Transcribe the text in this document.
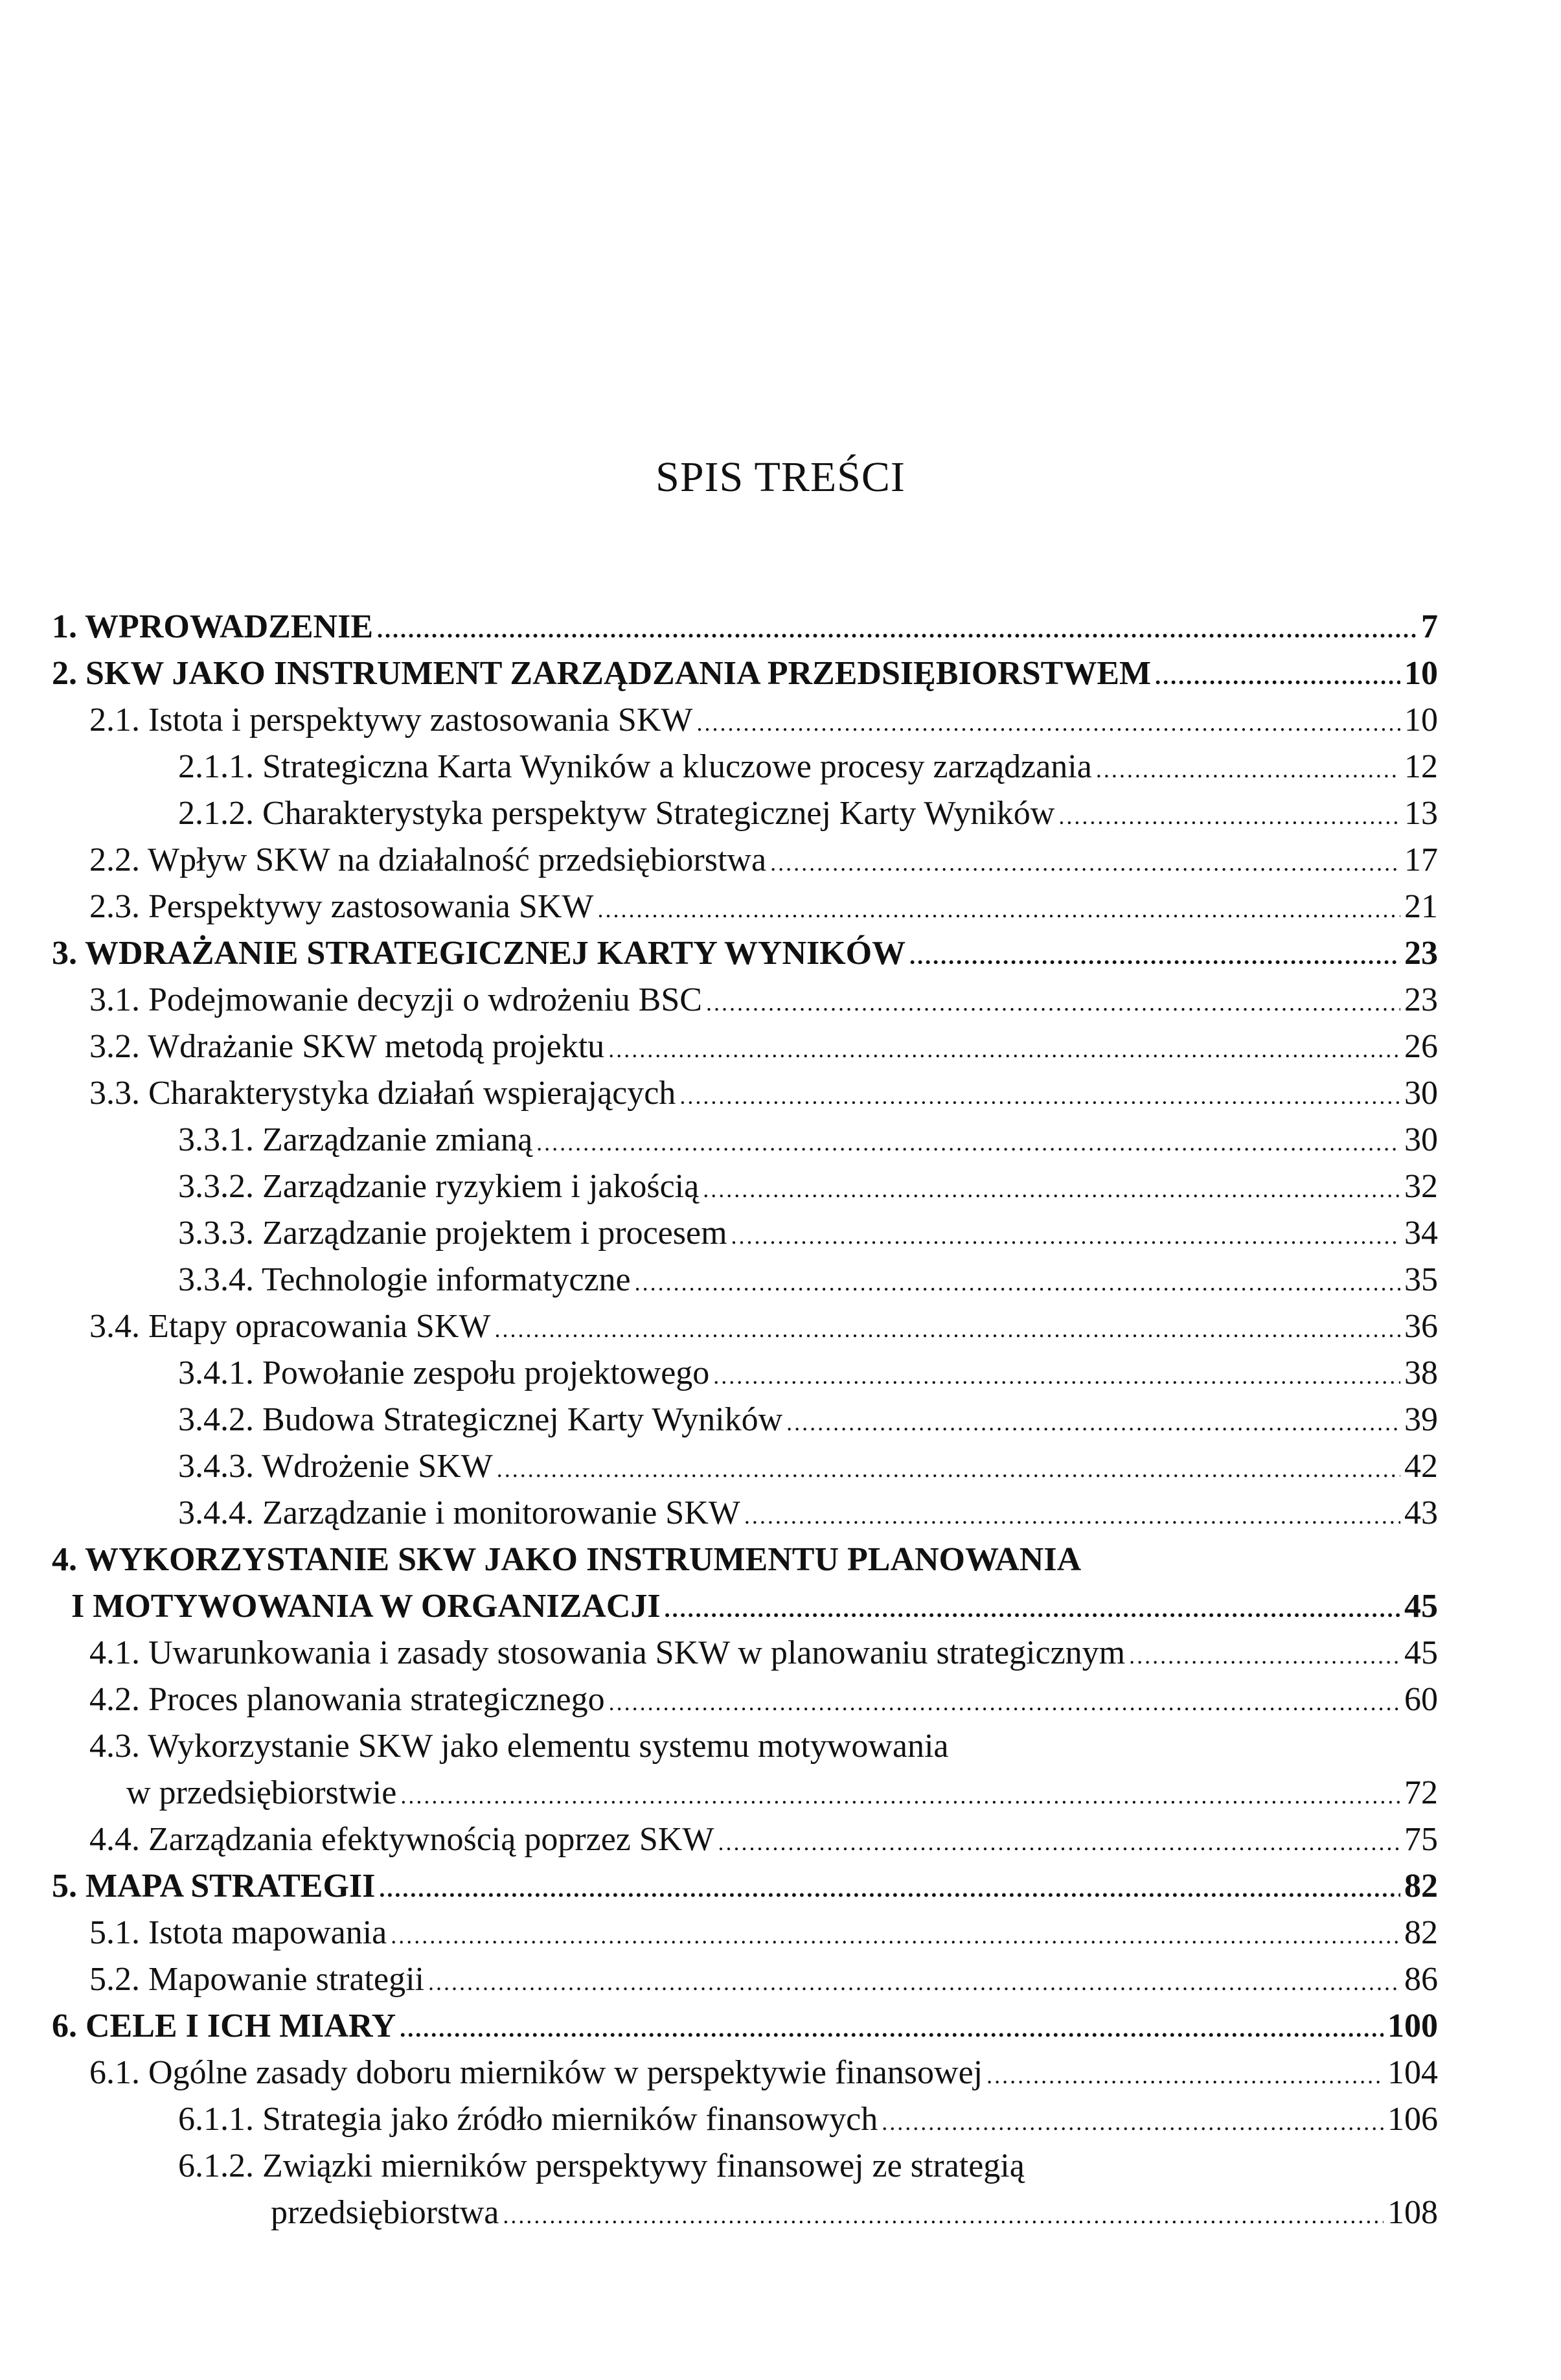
SPIS TREŚCI
1. WPROWADZENIE .....	7
2. SKW JAKO INSTRUMENT ZARZĄDZANIA PRZEDSIĘBIORSTWEM .....	10
2.1. Istota i perspektywy zastosowania SKW .....	10
2.1.1. Strategiczna Karta Wyników a kluczowe procesy zarządzania .....	12
2.1.2. Charakterystyka perspektyw Strategicznej Karty Wyników .....	13
2.2. Wpływ SKW na działalność przedsiębiorstwa .....	17
2.3. Perspektywy zastosowania SKW .....	21
3. WDRAŻANIE STRATEGICZNEJ KARTY WYNIKÓW .....	23
3.1. Podejmowanie decyzji o wdrożeniu BSC .....	23
3.2. Wdrażanie SKW metodą projektu .....	26
3.3. Charakterystyka działań wspierających .....	30
3.3.1. Zarządzanie zmianą .....	30
3.3.2. Zarządzanie ryzykiem i jakością .....	32
3.3.3. Zarządzanie projektem i procesem .....	34
3.3.4. Technologie informatyczne .....	35
3.4. Etapy opracowania SKW .....	36
3.4.1. Powołanie zespołu projektowego .....	38
3.4.2. Budowa Strategicznej Karty Wyników .....	39
3.4.3. Wdrożenie SKW .....	42
3.4.4. Zarządzanie i monitorowanie SKW .....	43
4. WYKORZYSTANIE SKW JAKO INSTRUMENTU PLANOWANIA
I MOTYWOWANIA W ORGANIZACJI .....	45
4.1. Uwarunkowania i zasady stosowania SKW w planowaniu strategicznym .....	45
4.2. Proces planowania strategicznego .....	60
4.3. Wykorzystanie SKW jako elementu systemu motywowania
w przedsiębiorstwie .....	72
4.4. Zarządzania efektywnością poprzez SKW .....	75
5. MAPA STRATEGII .....	82
5.1. Istota mapowania .....	82
5.2. Mapowanie strategii .....	86
6. CELE I ICH MIARY .....	100
6.1. Ogólne zasady doboru mierników w perspektywie finansowej .....	104
6.1.1. Strategia jako źródło mierników finansowych .....	106
6.1.2. Związki mierników perspektywy finansowej ze strategią
przedsiębiorstwa .....	108
